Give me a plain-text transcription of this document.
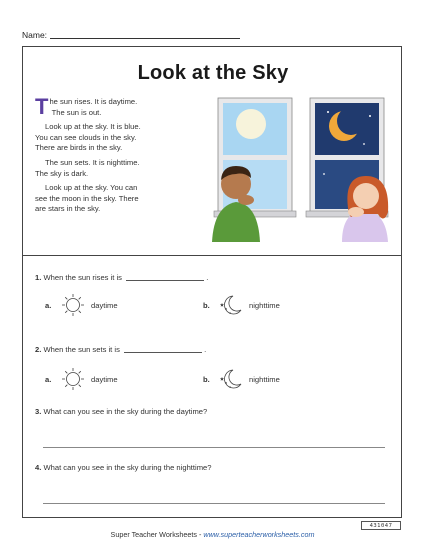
Name:
Look at the Sky

The sun rises. It is daytime.
The sun is out.

Look up at the sky. It is blue.
You can see clouds in the sky.
There are birds in the sky.

The sun sets. It is nighttime.
The sky is dark.

Look up at the sky. You can
see the moon in the sky. There
are stars in the sky.

1. When the sun rises it is	.
a.	daytime	b.	nighttime
2. When the sun sets it is	.
a.	daytime	b.	nighttime
3. What can you see in the sky during the daytime?
4. What can you see in the sky during the nighttime?
431047
Super Teacher Worksheets - www.superteacherworksheets.com
